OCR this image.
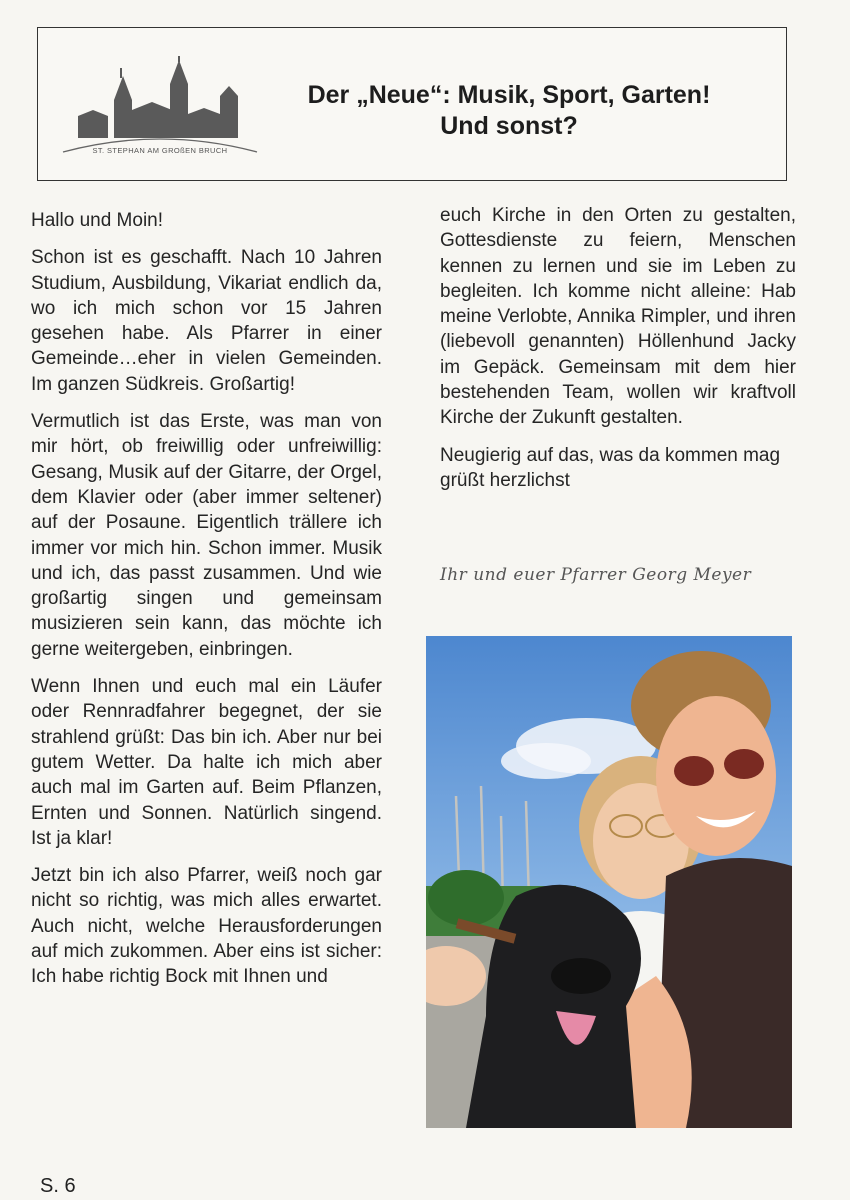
ST. STEPHAN AM GROßEN BRUCH
Der „Neue“: Musik, Sport, Garten!
Und sonst?

Hallo und Moin!

Schon ist es geschafft. Nach 10 Jahren Studium, Ausbildung, Vikariat endlich da, wo ich mich schon vor 15 Jahren gesehen habe. Als Pfarrer in einer Gemeinde…eher in vielen Gemeinden. Im ganzen Südkreis. Großartig!

Vermutlich ist das Erste, was man von mir hört, ob freiwillig oder unfreiwillig: Gesang, Musik auf der Gitarre, der Orgel, dem Klavier oder (aber immer seltener) auf der Posaune. Eigentlich trällere ich immer vor mich hin. Schon immer. Musik und ich, das passt zusammen. Und wie großartig singen und gemeinsam musizieren sein kann, das möchte ich gerne weitergeben, einbringen.

Wenn Ihnen und euch mal ein Läufer oder Rennradfahrer begegnet, der sie strahlend grüßt: Das bin ich. Aber nur bei gutem Wetter. Da halte ich mich aber auch mal im Garten auf. Beim Pflanzen, Ernten und Sonnen. Natürlich singend. Ist ja klar!

Jetzt bin ich also Pfarrer, weiß noch gar nicht so richtig, was mich alles erwartet. Auch nicht, welche Herausforderungen auf mich zukommen. Aber eins ist sicher: Ich habe richtig Bock mit Ihnen und

euch Kirche in den Orten zu gestalten, Gottesdienste zu feiern, Menschen kennen zu lernen und sie im Leben zu begleiten. Ich komme nicht alleine: Hab meine Verlobte, Annika Rimpler, und ihren (liebevoll genannten) Höllenhund Jacky im Gepäck. Gemeinsam mit dem hier bestehenden Team, wollen wir kraftvoll Kirche der Zukunft gestalten.

Neugierig auf das, was da kommen mag grüßt herzlichst

Ihr und euer Pfarrer Georg Meyer
S. 6
